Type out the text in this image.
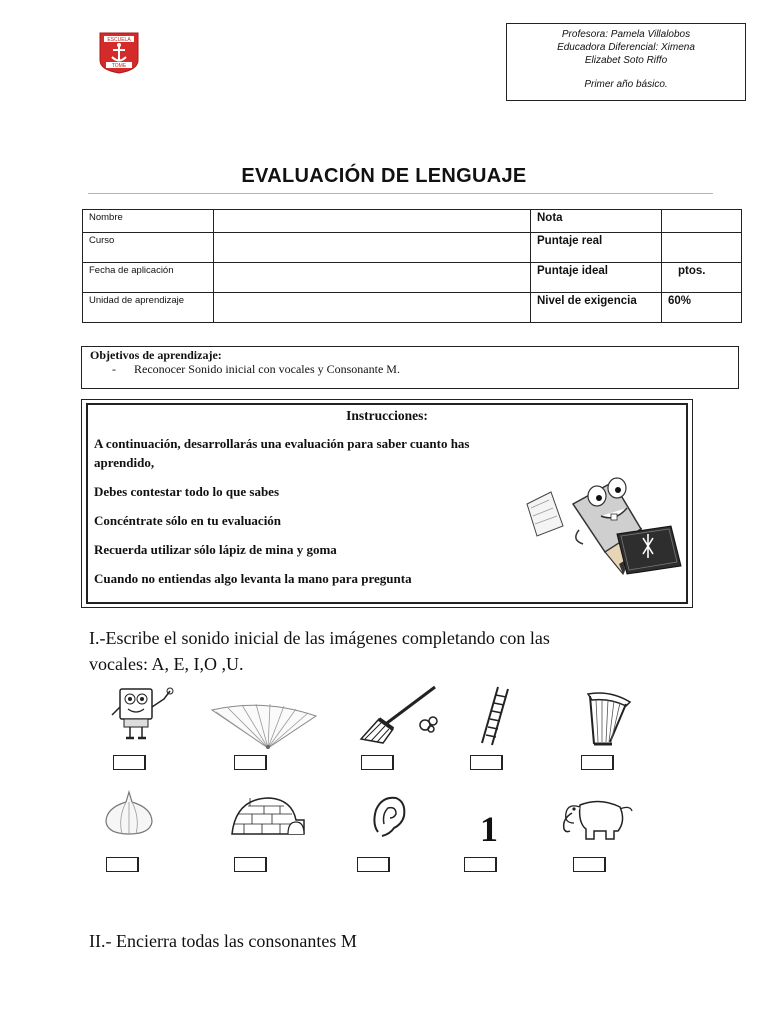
ESCUELA
TOME
Profesora: Pamela Villalobos
Educadora Diferencial: Ximena
Elizabet Soto Riffo
Primer año básico.
EVALUACIÓN DE LENGUAJE
Nombre		Nota	
Curso		Puntaje real	
Fecha de aplicación		Puntaje ideal	ptos.
Unidad de aprendizaje		Nivel de exigencia	60%
Objetivos de aprendizaje:
- Reconocer Sonido inicial con vocales y Consonante M.
Instrucciones:
A continuación, desarrollarás una evaluación para saber cuanto has
aprendido,
Debes contestar todo lo que sabes
Concéntrate sólo en tu evaluación
Recuerda utilizar sólo lápiz de mina y goma
Cuando no entiendas algo levanta la mano para pregunta
I.-Escribe el sonido inicial de las imágenes completando con las
vocales: A, E, I,O ,U.
1
II.- Encierra todas las consonantes M
